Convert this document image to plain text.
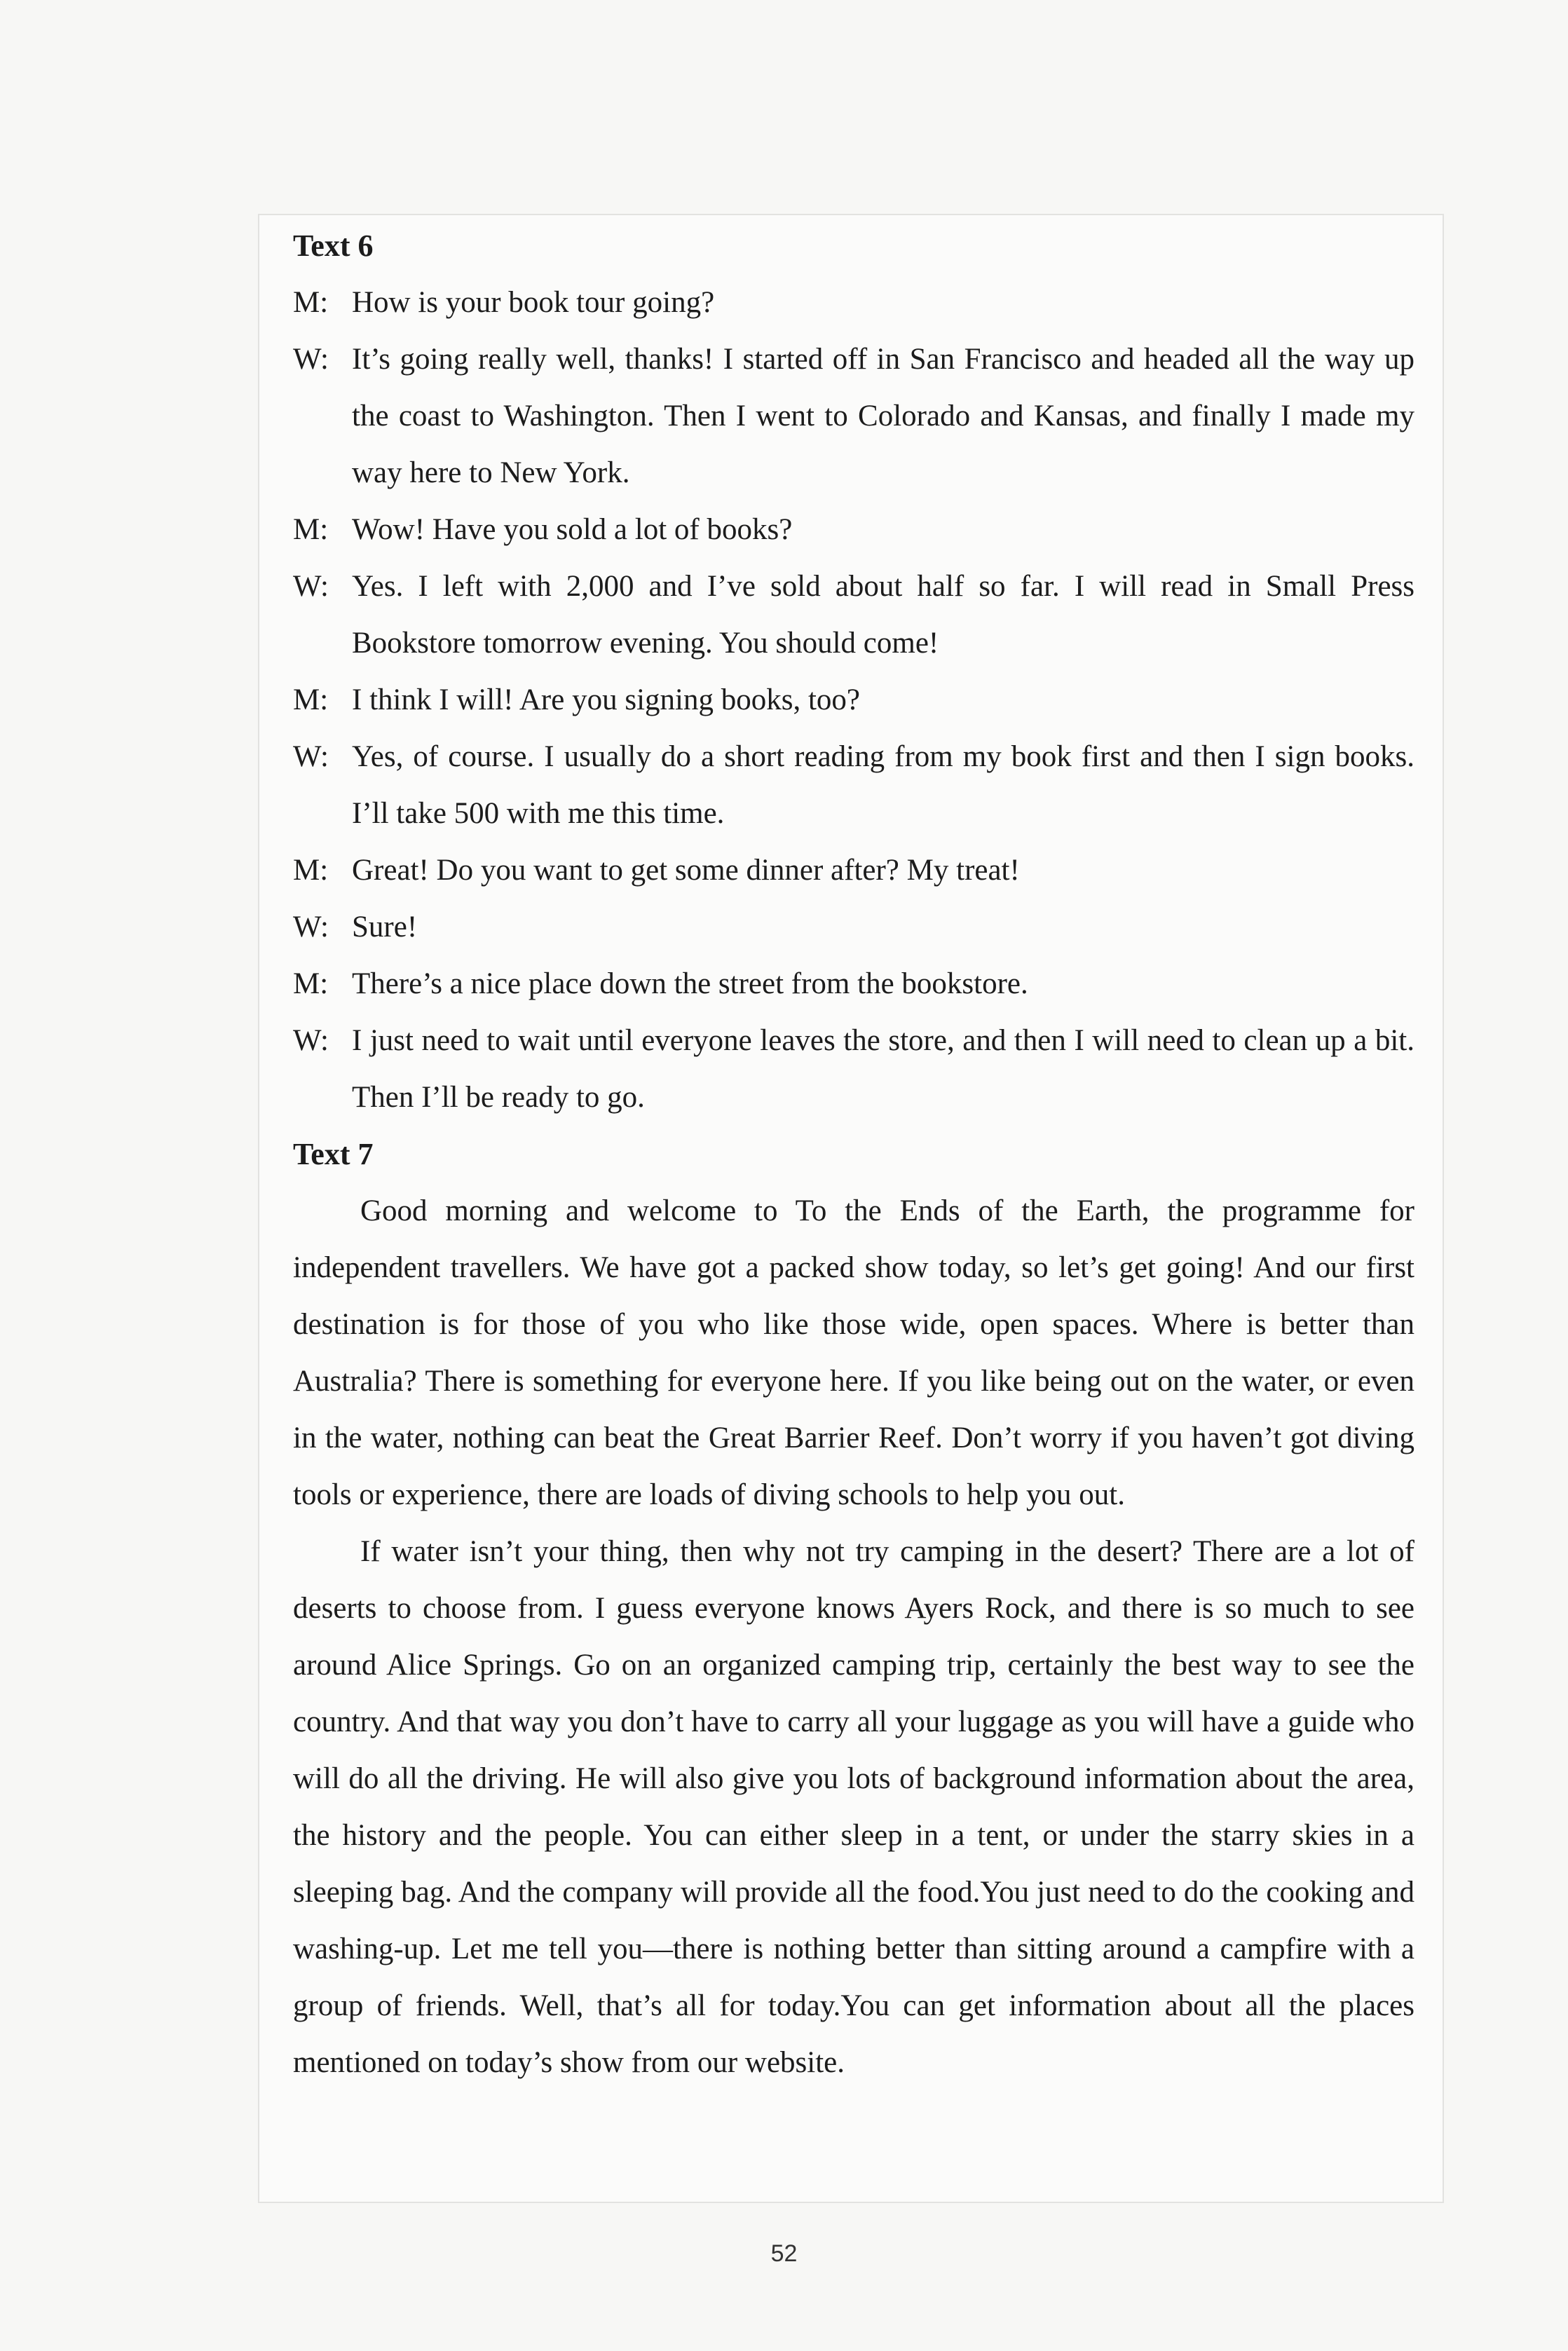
Text 6
M: How is your book tour going?
W: It’s going really well, thanks! I started off in San Francisco and headed all the way up the coast to Washington. Then I went to Colorado and Kansas, and finally I made my way here to New York.
M: Wow! Have you sold a lot of books?
W: Yes. I left with 2,000 and I’ve sold about half so far. I will read in Small Press Bookstore tomorrow evening. You should come!
M: I think I will! Are you signing books, too?
W: Yes, of course. I usually do a short reading from my book first and then I sign books. I’ll take 500 with me this time.
M: Great! Do you want to get some dinner after? My treat!
W: Sure!
M: There’s a nice place down the street from the bookstore.
W: I just need to wait until everyone leaves the store, and then I will need to clean up a bit. Then I’ll be ready to go.
Text 7

Good morning and welcome to To the Ends of the Earth, the programme for independent travellers. We have got a packed show today, so let’s get going! And our first destination is for those of you who like those wide, open spaces. Where is better than Australia? There is something for everyone here. If you like being out on the water, or even in the water, nothing can beat the Great Barrier Reef. Don’t worry if you haven’t got diving tools or experience, there are loads of diving schools to help you out.

If water isn’t your thing, then why not try camping in the desert? There are a lot of deserts to choose from. I guess everyone knows Ayers Rock, and there is so much to see around Alice Springs. Go on an organized camping trip, certainly the best way to see the country. And that way you don’t have to carry all your luggage as you will have a guide who will do all the driving. He will also give you lots of background information about the area, the history and the people. You can either sleep in a tent, or under the starry skies in a sleeping bag. And the company will provide all the food.You just need to do the cooking and washing-up. Let me tell you—there is nothing better than sitting around a campfire with a group of friends. Well, that’s all for today.You can get information about all the places mentioned on today’s show from our website.

52
